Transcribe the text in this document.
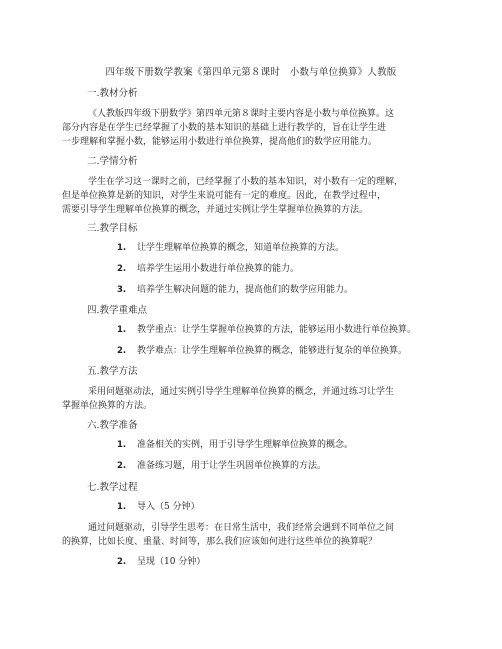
四年级下册数学教案《第四单元第８课时　小数与单位换算》人教版
一.教材分析
《人教版四年级下册数学》第四单元第８课时主要内容是小数与单位换算。这
部分内容是在学生已经掌握了小数的基本知识的基础上进行教学的，旨在让学生进
一步理解和掌握小数，能够运用小数进行单位换算，提高他们的数学应用能力。
二.学情分析
学生在学习这一课时之前，已经掌握了小数的基本知识，对小数有一定的理解，
但是单位换算是新的知识，对学生来说可能有一定的难度。因此，在教学过程中，
需要引导学生理解单位换算的概念，并通过实例让学生掌握单位换算的方法。
三.教学目标
1. 让学生理解单位换算的概念，知道单位换算的方法。
2. 培养学生运用小数进行单位换算的能力。
3. 培养学生解决问题的能力，提高他们的数学应用能力。
四.教学重难点
1. 教学重点：让学生掌握单位换算的方法，能够运用小数进行单位换算。
2. 教学难点：让学生理解单位换算的概念，能够进行复杂的单位换算。
五.教学方法
采用问题驱动法，通过实例引导学生理解单位换算的概念，并通过练习让学生
掌握单位换算的方法。
六.教学准备
1. 准备相关的实例，用于引导学生理解单位换算的概念。
2. 准备练习题，用于让学生巩固单位换算的方法。
七.教学过程
1. 导入（5 分钟）
通过问题驱动，引导学生思考：在日常生活中，我们经常会遇到不同单位之间
的换算，比如长度、重量、时间等，那么我们应该如何进行这些单位的换算呢？
2. 呈现（10 分钟）
